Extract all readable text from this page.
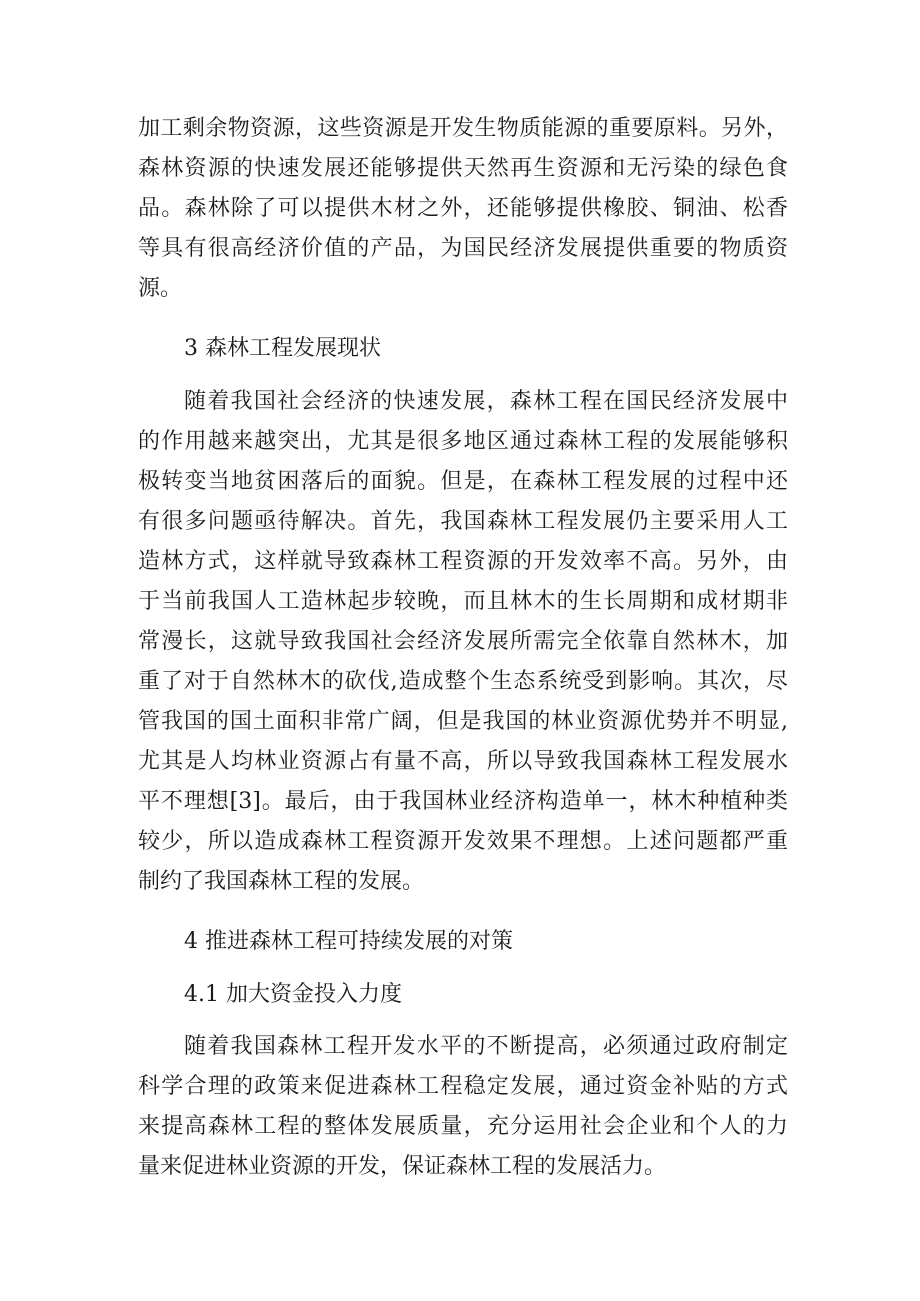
加工剩余物资源，这些资源是开发生物质能源的重要原料。另外，
森林资源的快速发展还能够提供天然再生资源和无污染的绿色食
品。森林除了可以提供木材之外，还能够提供橡胶、铜油、松香
等具有很高经济价值的产品，为国民经济发展提供重要的物质资
源。
3 森林工程发展现状
随着我国社会经济的快速发展，森林工程在国民经济发展中
的作用越来越突出，尤其是很多地区通过森林工程的发展能够积
极转变当地贫困落后的面貌。但是，在森林工程发展的过程中还
有很多问题亟待解决。首先，我国森林工程发展仍主要采用人工
造林方式，这样就导致森林工程资源的开发效率不高。另外，由
于当前我国人工造林起步较晚，而且林木的生长周期和成材期非
常漫长，这就导致我国社会经济发展所需完全依靠自然林木，加
重了对于自然林木的砍伐,造成整个生态系统受到影响。其次，尽
管我国的国土面积非常广阔，但是我国的林业资源优势并不明显,
尤其是人均林业资源占有量不高，所以导致我国森林工程发展水
平不理想[3]。最后，由于我国林业经济构造单一，林木种植种类
较少，所以造成森林工程资源开发效果不理想。上述问题都严重
制约了我国森林工程的发展。
4 推进森林工程可持续发展的对策
4.1 加大资金投入力度
随着我国森林工程开发水平的不断提高，必须通过政府制定
科学合理的政策来促进森林工程稳定发展，通过资金补贴的方式
来提高森林工程的整体发展质量，充分运用社会企业和个人的力
量来促进林业资源的开发，保证森林工程的发展活力。
